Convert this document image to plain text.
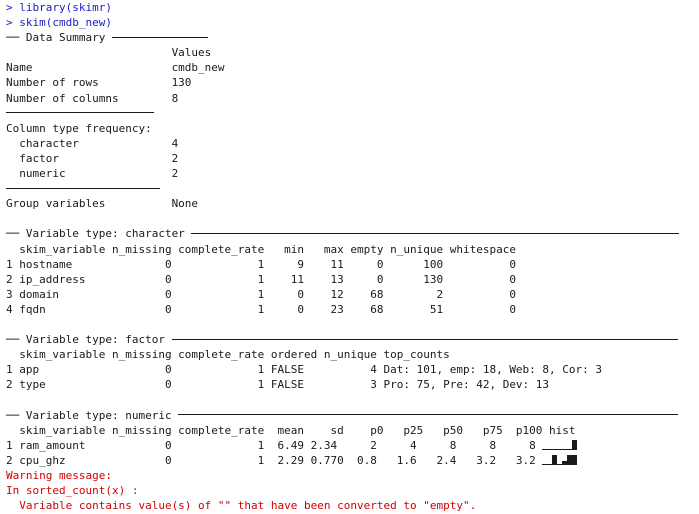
> library(skimr)
> skim(cmdb_new)
── Data Summary
Values
Name                     cmdb_new
Number of rows           130
Number of columns        8
Column type frequency:
character              4
factor                 2
numeric                2
Group variables          None

── Variable type: character
skim_variable n_missing complete_rate   min   max empty n_unique whitespace
1 hostname              0             1     9    11     0      100          0
2 ip_address            0             1    11    13     0      130          0
3 domain                0             1     0    12    68        2          0
4 fqdn                  0             1     0    23    68       51          0

── Variable type: factor
skim_variable n_missing complete_rate ordered n_unique top_counts
1 app                   0             1 FALSE          4 Dat: 101, emp: 18, Web: 8, Cor: 3
2 type                  0             1 FALSE          3 Pro: 75, Pre: 42, Dev: 13

── Variable type: numeric
skim_variable n_missing complete_rate  mean    sd    p0   p25   p50   p75  p100 hist
1 ram_amount            0             1  6.49 2.34     2     4     8     8     8
2 cpu_ghz               0             1  2.29 0.770  0.8   1.6   2.4   3.2   3.2
Warning message:
In sorted_count(x) :
Variable contains value(s) of "" that have been converted to "empty".
